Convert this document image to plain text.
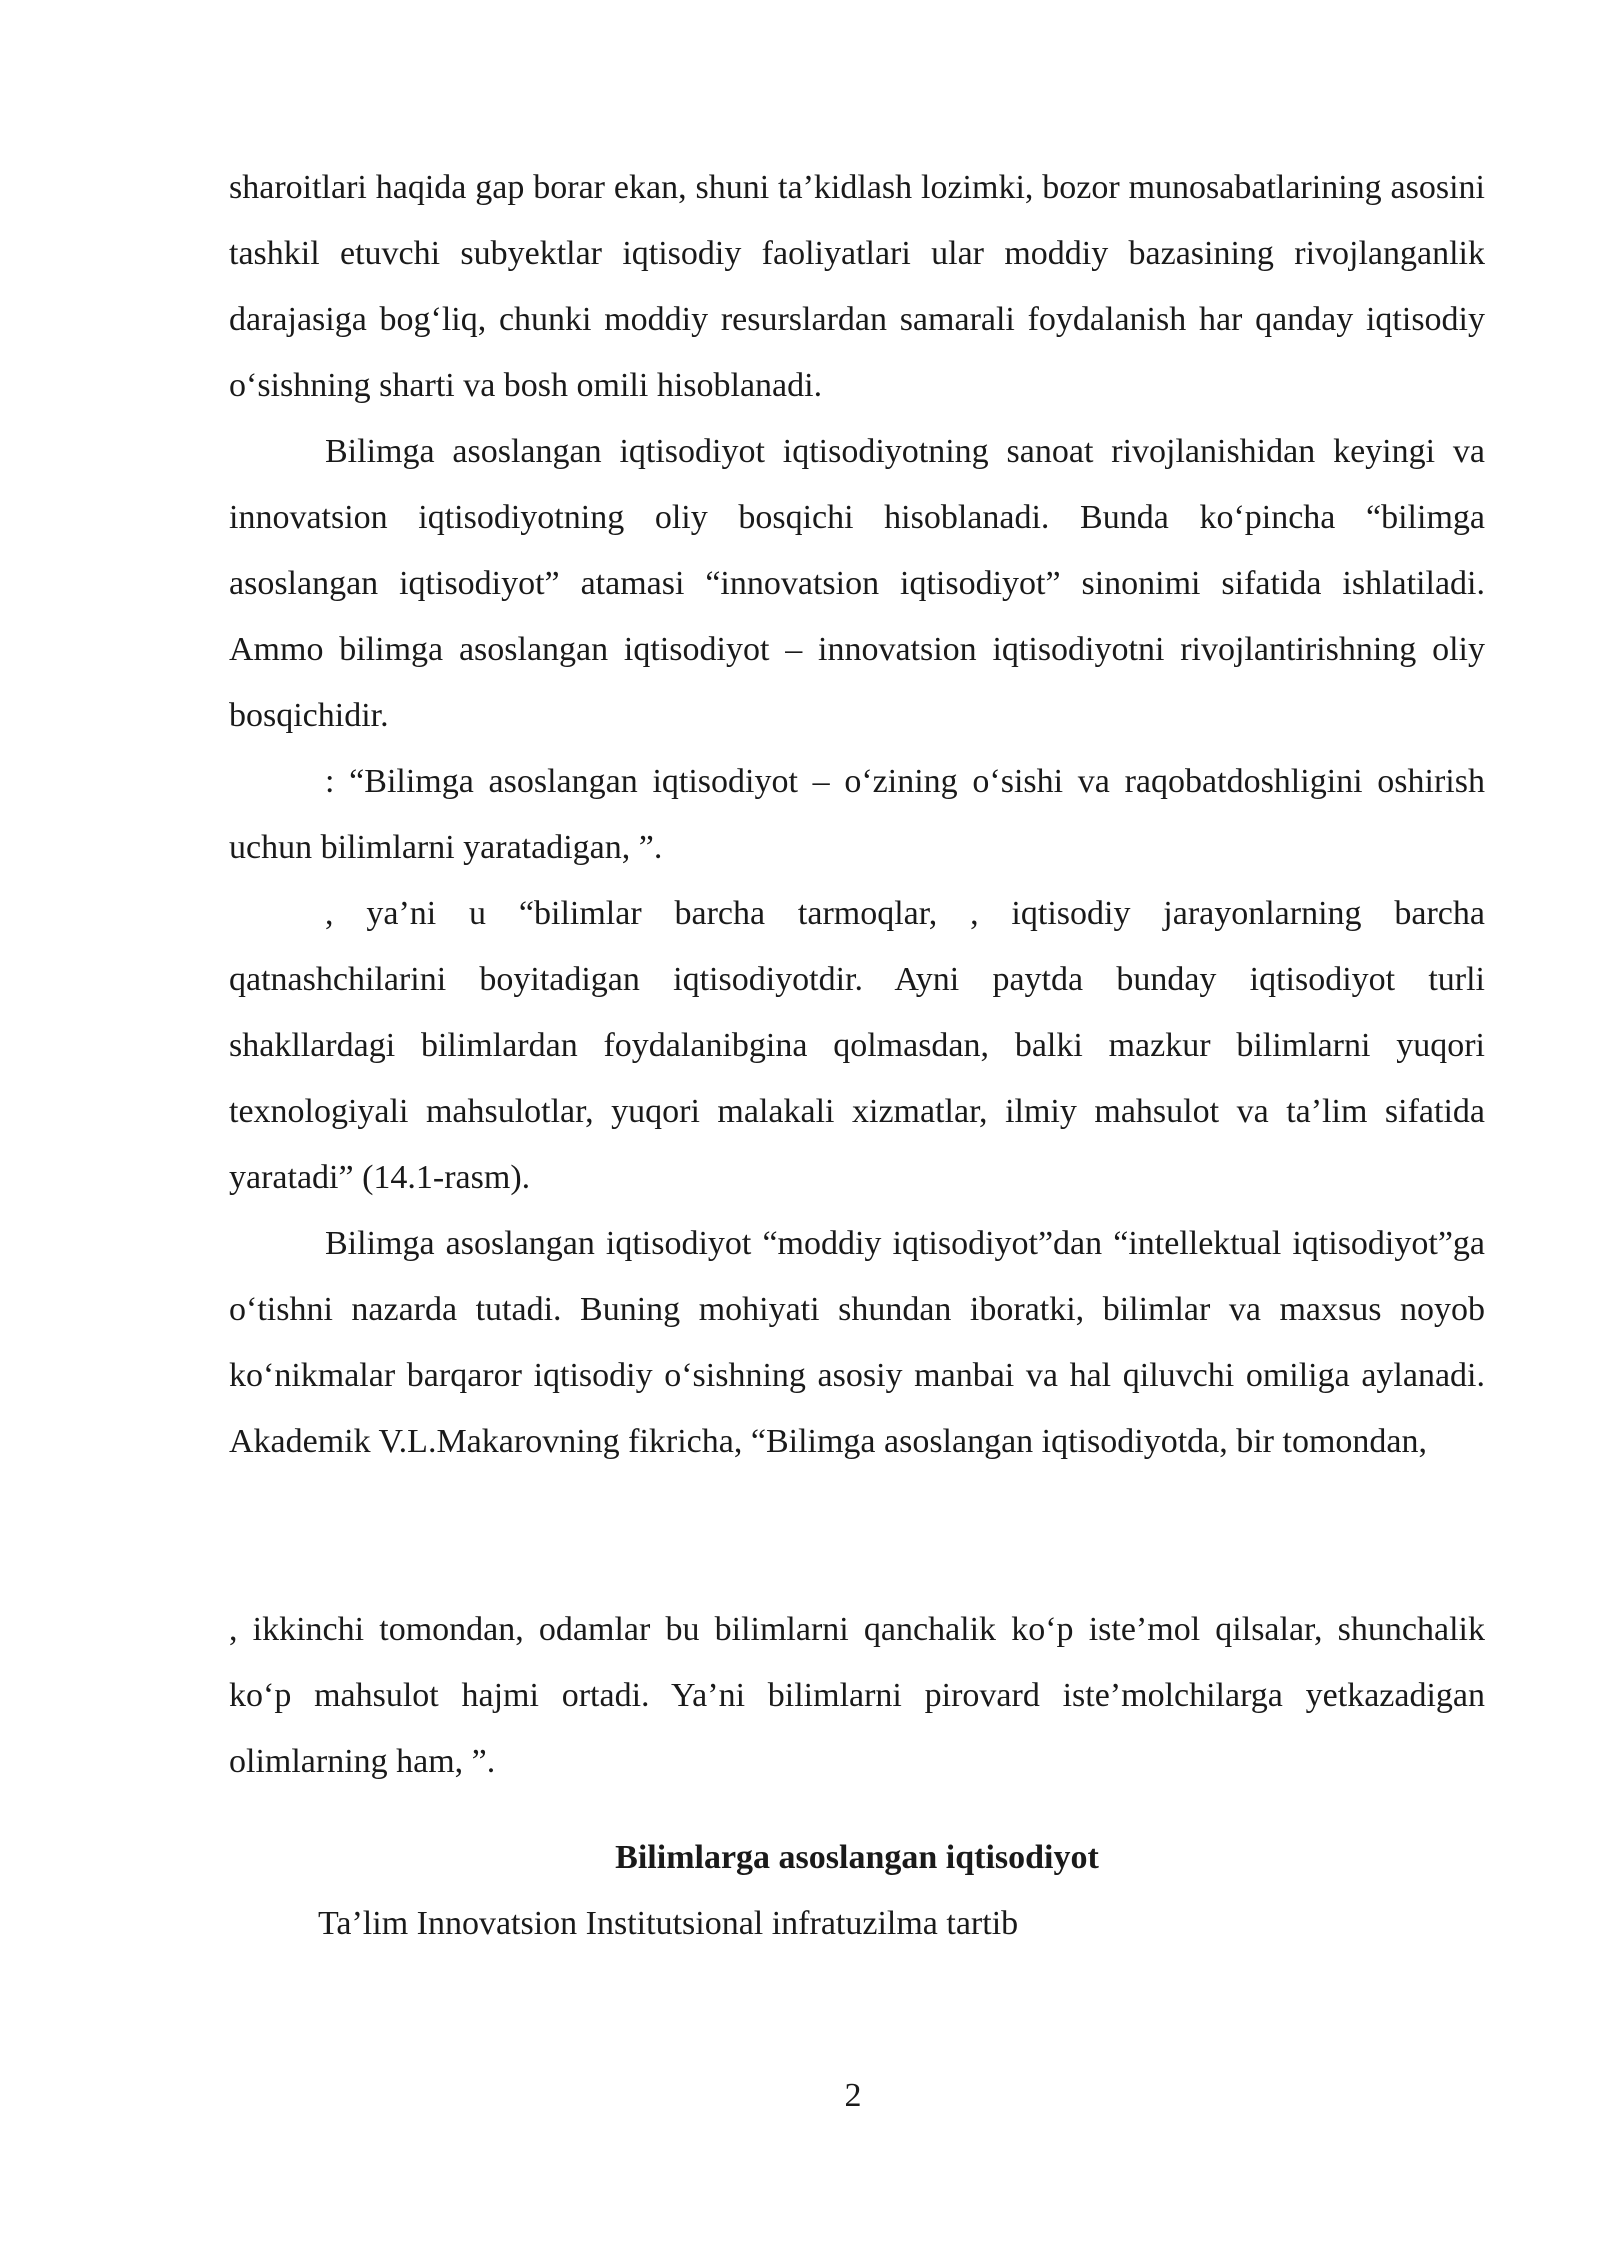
sharoitlari haqida gap borar ekan, shuni ta’kidlash lozimki, bozor munosabatlarining asosini tashkil etuvchi subyektlar iqtisodiy faoliyatlari ular moddiy bazasining rivojlanganlik darajasiga bog‘liq, chunki moddiy resurslardan samarali foydalanish har qanday iqtisodiy o‘sishning sharti va bosh omili hisoblanadi.

Bilimga asoslangan iqtisodiyot iqtisodiyotning sanoat rivojlanishidan keyingi va innovatsion iqtisodiyotning oliy bosqichi hisoblanadi. Bunda ko‘pincha “bilimga asoslangan iqtisodiyot” atamasi “innovatsion iqtisodiyot” sinonimi sifatida ishlatiladi. Ammo bilimga asoslangan iqtisodiyot – innovatsion iqtisodiyotni rivojlantirishning oliy bosqichidir.

: “Bilimga asoslangan iqtisodiyot – o‘zining o‘sishi va raqobatdoshligini oshirish uchun bilimlarni yaratadigan, ”.

, ya’ni u “bilimlar barcha tarmoqlar, , iqtisodiy jarayonlarning barcha qatnashchilarini boyitadigan iqtisodiyotdir. Ayni paytda bunday iqtisodiyot turli shakllardagi bilimlardan foydalanibgina qolmasdan, balki mazkur bilimlarni yuqori texnologiyali mahsulotlar, yuqori malakali xizmatlar, ilmiy mahsulot va ta’lim sifatida yaratadi” (14.1-rasm).

Bilimga asoslangan iqtisodiyot “moddiy iqtisodiyot”dan “intellektual iqtisodiyot”ga o‘tishni nazarda tutadi. Buning mohiyati shundan iboratki, bilimlar va maxsus noyob ko‘nikmalar barqaror iqtisodiy o‘sishning asosiy manbai va hal qiluvchi omiliga aylanadi. Akademik V.L.Makarovning fikricha, “Bilimga asoslangan iqtisodiyotda, bir tomondan,

, ikkinchi tomondan, odamlar bu bilimlarni qanchalik ko‘p iste’mol qilsalar, shunchalik ko‘p mahsulot hajmi ortadi. Ya’ni bilimlarni pirovard iste’molchilarga yetkazadigan olimlarning ham, ”.

Bilimlarga asoslangan iqtisodiyot
Ta’lim Innovatsion Institutsional infratuzilma tartib
2
